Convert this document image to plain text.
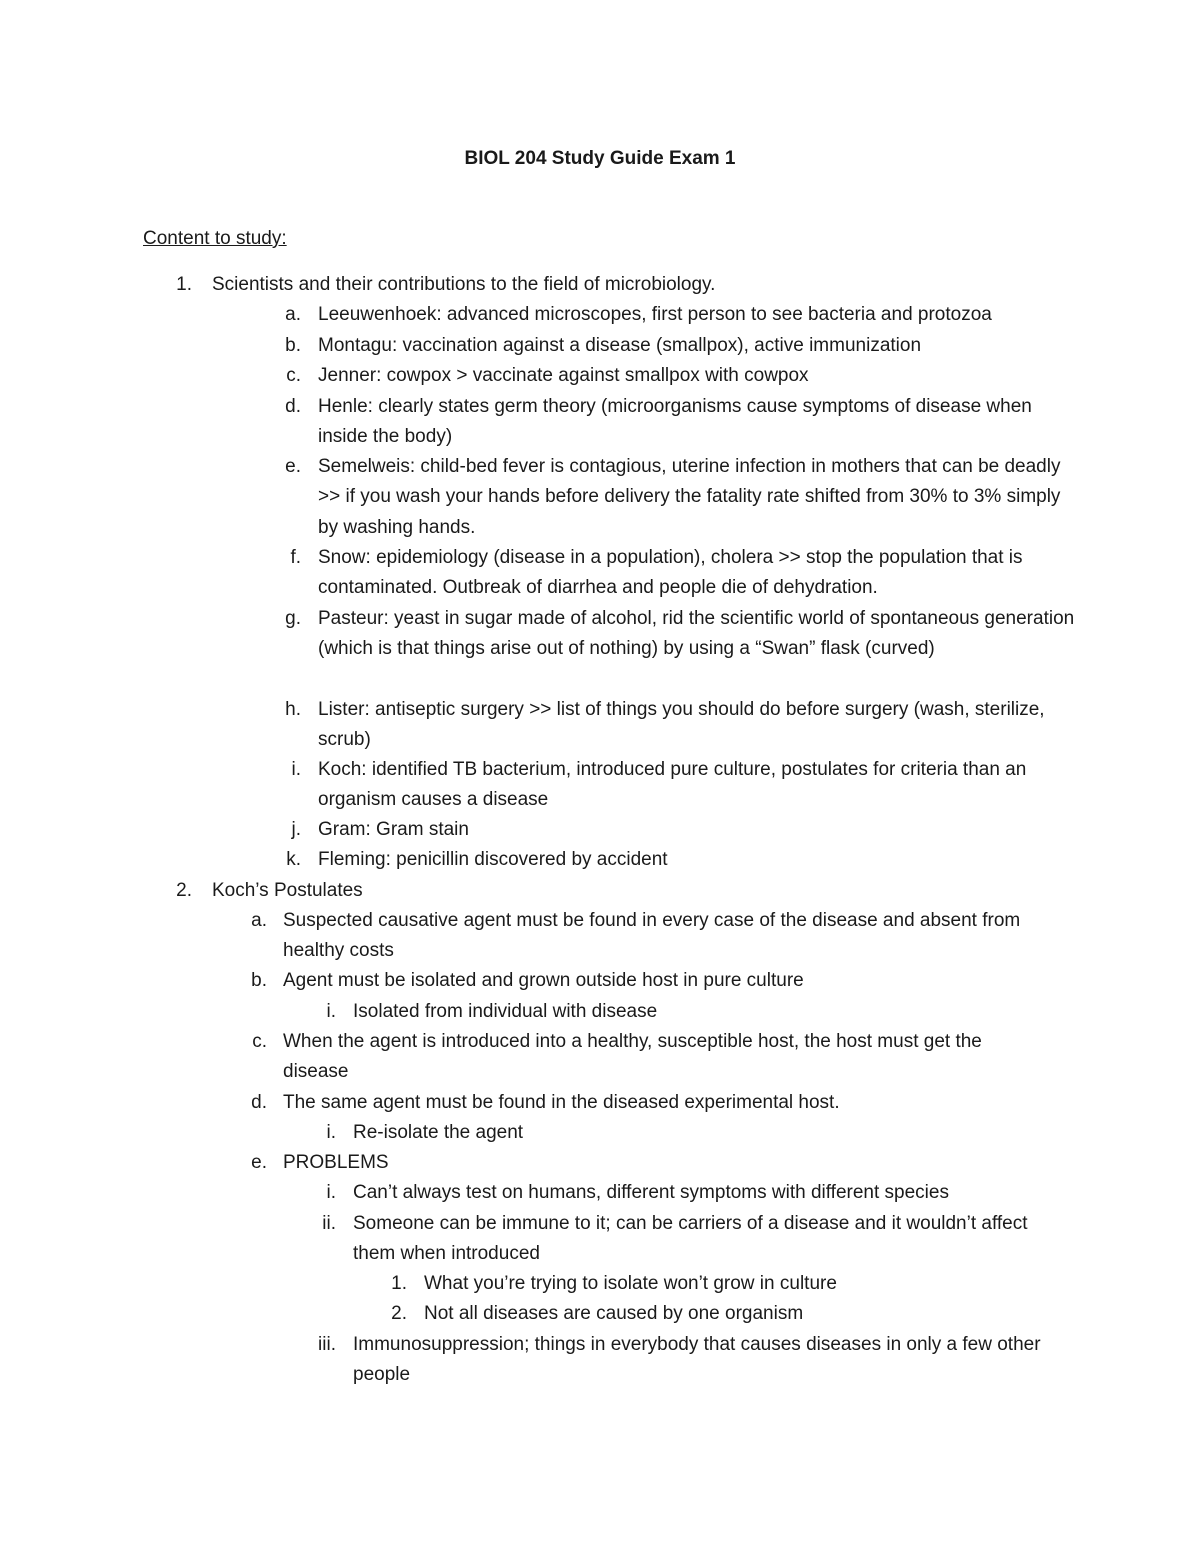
BIOL 204 Study Guide Exam 1
Content to study:
1. Scientists and their contributions to the field of microbiology.
a. Leeuwenhoek: advanced microscopes, first person to see bacteria and protozoa
b. Montagu: vaccination against a disease (smallpox), active immunization
c. Jenner: cowpox > vaccinate against smallpox with cowpox
d. Henle: clearly states germ theory (microorganisms cause symptoms of disease when inside the body)
e. Semelweis: child-bed fever is contagious, uterine infection in mothers that can be deadly >> if you wash your hands before delivery the fatality rate shifted from 30% to 3% simply by washing hands.
f. Snow: epidemiology (disease in a population), cholera >> stop the population that is contaminated. Outbreak of diarrhea and people die of dehydration.
g. Pasteur: yeast in sugar made of alcohol, rid the scientific world of spontaneous generation (which is that things arise out of nothing) by using a “Swan” flask (curved)
h. Lister: antiseptic surgery >> list of things you should do before surgery (wash, sterilize, scrub)
i. Koch: identified TB bacterium, introduced pure culture, postulates for criteria than an organism causes a disease
j. Gram: Gram stain
k. Fleming: penicillin discovered by accident
2. Koch’s Postulates
a. Suspected causative agent must be found in every case of the disease and absent from healthy costs
b. Agent must be isolated and grown outside host in pure culture
i. Isolated from individual with disease
c. When the agent is introduced into a healthy, susceptible host, the host must get the disease
d. The same agent must be found in the diseased experimental host.
i. Re-isolate the agent
e. PROBLEMS
i. Can’t always test on humans, different symptoms with different species
ii. Someone can be immune to it; can be carriers of a disease and it wouldn’t affect them when introduced
1. What you’re trying to isolate won’t grow in culture
2. Not all diseases are caused by one organism
iii. Immunosuppression; things in everybody that causes diseases in only a few other people
